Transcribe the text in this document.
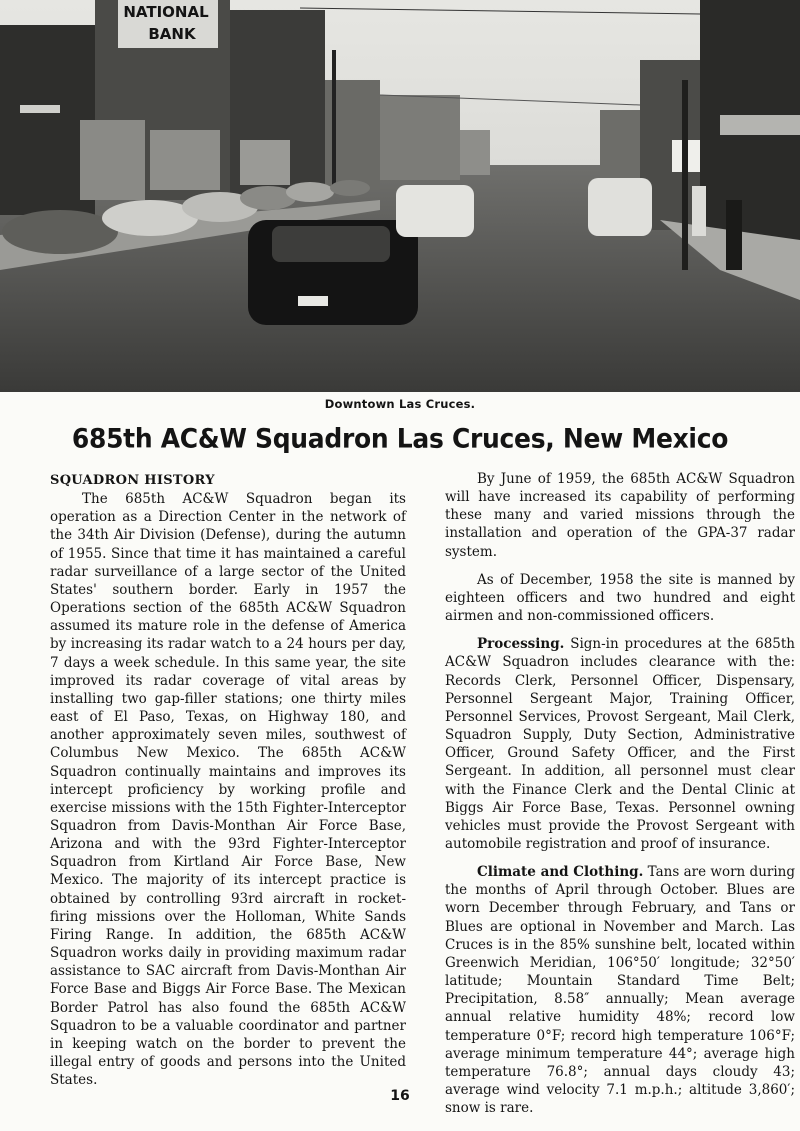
NATIONAL
BANK
Downtown Las Cruces.
685th AC&W Squadron Las Cruces, New Mexico

SQUADRON HISTORY

The 685th AC&W Squadron began its operation as a Direction Center in the network of the 34th Air Division (Defense), during the autumn of 1955. Since that time it has maintained a careful radar surveillance of a large sector of the United States' southern border. Early in 1957 the Operations section of the 685th AC&W Squadron assumed its mature role in the defense of America by increasing its radar watch to a 24 hours per day, 7 days a week schedule. In this same year, the site improved its radar coverage of vital areas by installing two gap-filler stations; one thirty miles east of El Paso, Texas, on Highway 180, and another approximately seven miles, southwest of Columbus New Mexico. The 685th AC&W Squadron continually maintains and improves its intercept proficiency by working profile and exercise missions with the 15th Fighter-Interceptor Squadron from Davis-Monthan Air Force Base, Arizona and with the 93rd Fighter-Interceptor Squadron from Kirtland Air Force Base, New Mexico. The majority of its intercept practice is obtained by controlling 93rd aircraft in rocket-firing missions over the Holloman, White Sands Firing Range. In addition, the 685th AC&W Squadron works daily in providing maximum radar assistance to SAC aircraft from Davis-Monthan Air Force Base and Biggs Air Force Base. The Mexican Border Patrol has also found the 685th AC&W Squadron to be a valuable coordinator and partner in keeping watch on the border to prevent the illegal entry of goods and persons into the United States.

By June of 1959, the 685th AC&W Squadron will have increased its capability of performing these many and varied missions through the installation and operation of the GPA-37 radar system.

As of December, 1958 the site is manned by eighteen officers and two hundred and eight airmen and non-commissioned officers.

Processing. Sign-in procedures at the 685th AC&W Squadron includes clearance with the: Records Clerk, Personnel Officer, Dispensary, Personnel Sergeant Major, Training Officer, Personnel Services, Provost Sergeant, Mail Clerk, Squadron Supply, Duty Section, Administrative Officer, Ground Safety Officer, and the First Sergeant. In addition, all personnel must clear with the Finance Clerk and the Dental Clinic at Biggs Air Force Base, Texas. Personnel owning vehicles must provide the Provost Sergeant with automobile registration and proof of insurance.

Climate and Clothing. Tans are worn during the months of April through October. Blues are worn December through February, and Tans or Blues are optional in November and March. Las Cruces is in the 85% sunshine belt, located within Greenwich Meridian, 106°50′ longitude; 32°50′ latitude; Mountain Standard Time Belt; Precipitation, 8.58″ annually; Mean average annual relative humidity 48%; record low temperature 0°F; record high temperature 106°F; average minimum temperature 44°; average high temperature 76.8°; annual days cloudy 43; average wind velocity 7.1 m.p.h.; altitude 3,860′; snow is rare.

16
